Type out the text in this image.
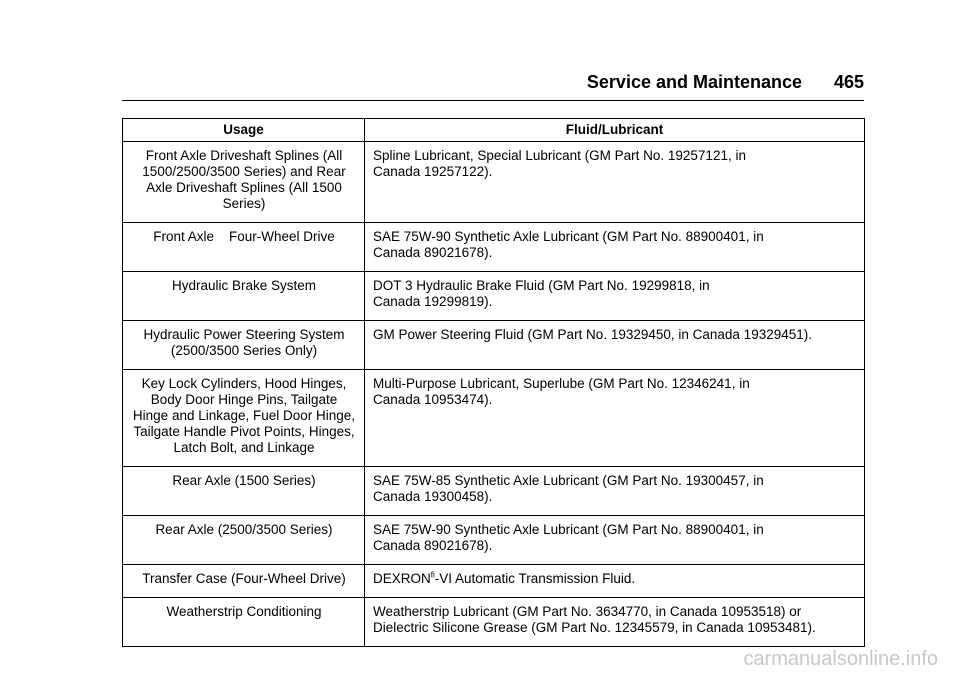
Service and Maintenance 465
Usage	Fluid/Lubricant

Front Axle Driveshaft Splines (All
1500/2500/3500 Series) and Rear
Axle Driveshaft Splines (All 1500
Series)	Spline Lubricant, Special Lubricant (GM Part No. 19257121, in
Canada 19257122).

Front Axle    Four-Wheel Drive	SAE 75W-90 Synthetic Axle Lubricant (GM Part No. 88900401, in
Canada 89021678).

Hydraulic Brake System	DOT 3 Hydraulic Brake Fluid (GM Part No. 19299818, in
Canada 19299819).

Hydraulic Power Steering System
(2500/3500 Series Only)	GM Power Steering Fluid (GM Part No. 19329450, in Canada 19329451).

Key Lock Cylinders, Hood Hinges,
Body Door Hinge Pins, Tailgate
Hinge and Linkage, Fuel Door Hinge,
Tailgate Handle Pivot Points, Hinges,
Latch Bolt, and Linkage	Multi-Purpose Lubricant, Superlube (GM Part No. 12346241, in
Canada 10953474).

Rear Axle (1500 Series)	SAE 75W-85 Synthetic Axle Lubricant (GM Part No. 19300457, in
Canada 19300458).

Rear Axle (2500/3500 Series)	SAE 75W-90 Synthetic Axle Lubricant (GM Part No. 88900401, in
Canada 89021678).

Transfer Case (Four-Wheel Drive)	$DEXRON^{fi}-VI$ Automatic Transmission Fluid.

Weatherstrip Conditioning	Weatherstrip Lubricant (GM Part No. 3634770, in Canada 10953518) or
Dielectric Silicone Grease (GM Part No. 12345579, in Canada 10953481).
carmanualsonline.info
